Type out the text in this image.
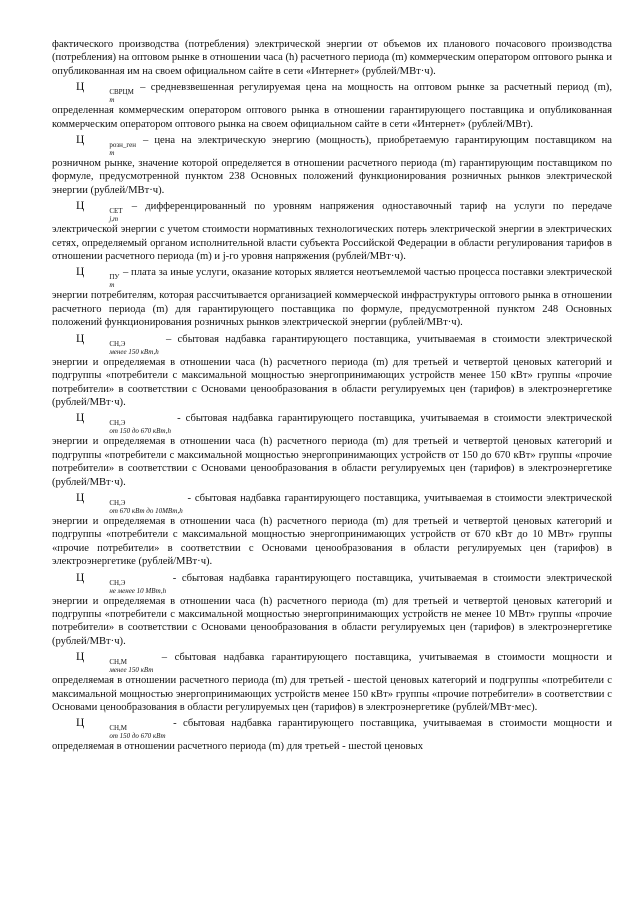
фактического производства (потребления) электрической энергии от объемов их планового почасового производства (потребления) на оптовом рынке в отношении часа (h) расчетного периода (m) коммерческим оператором оптового рынка и опубликованная им на своем официальном сайте в сети «Интернет» (рублей/МВт·ч).

Ц	СВРЦМ
m
– средневзвешенная регулируемая цена на мощность на оптовом рынке за расчетный период (m), определенная коммерческим оператором оптового рынка в отношении гарантирующего поставщика и опубликованная коммерческим оператором оптового рынка на своем официальном сайте в сети «Интернет» (рублей/МВт).

Ц	розн_ген
m
– цена на электрическую энергию (мощность), приобретаемую гарантирующим поставщиком на розничном рынке, значение которой определяется в отношении расчетного периода (m) гарантирующим поставщиком по формуле, предусмотренной пунктом 238 Основных положений функционирования розничных рынков электрической энергии (рублей/МВт·ч).

Ц	СЕТ
j,m
– дифференцированный по уровням напряжения одноставочный тариф на услуги по передаче электрической энергии с учетом стоимости нормативных технологических потерь электрической энергии в электрических сетях, определяемый органом исполнительной власти субъекта Российской Федерации в области регулирования тарифов в отношении расчетного периода (m) и j-го уровня напряжения (рублей/МВт·ч).

Ц	ПУ
m
– плата за иные услуги, оказание которых является неотъемлемой частью процесса поставки электрической энергии потребителям, которая рассчитывается организацией коммерческой инфраструктуры оптового рынка в отношении расчетного периода (m) для гарантирующего поставщика по формуле, предусмотренной пунктом 248 Основных положений функционирования розничных рынков электрической энергии (рублей/МВт·ч).

Ц	СН,Э
менее 150 кВт,h
– сбытовая надбавка гарантирующего поставщика, учитываемая в стоимости электрической энергии и определяемая в отношении часа (h) расчетного периода (m) для третьей и четвертой ценовых категорий и подгруппы «потребители с максимальной мощностью энергопринимающих устройств менее 150 кВт» группы «прочие потребители» в соответствии с Основами ценообразования в области регулируемых цен (тарифов) в электроэнергетике (рублей/МВт·ч).

Ц	СН,Э
от 150 до 670 кВт,h
- сбытовая надбавка гарантирующего поставщика, учитываемая в стоимости электрической энергии и определяемая в отношении часа (h) расчетного периода (m) для третьей и четвертой ценовых категорий и подгруппы «потребители с максимальной мощностью энергопринимающих устройств от 150 до 670 кВт» группы «прочие потребители» в соответствии с Основами ценообразования в области регулируемых цен (тарифов) в электроэнергетике (рублей/МВт·ч).

Ц	СН,Э
от 670 кВт до 10МВт,h
- сбытовая надбавка гарантирующего поставщика, учитываемая в стоимости электрической энергии и определяемая в отношении часа (h) расчетного периода (m) для третьей и четвертой ценовых категорий и подгруппы «потребители с максимальной мощностью энергопринимающих устройств от 670 кВт до 10 МВт» группы «прочие потребители» в соответствии с Основами ценообразования в области регулируемых цен (тарифов) в электроэнергетике (рублей/МВт·ч).

Ц	СН,Э
не менее 10 МВт,h
- сбытовая надбавка гарантирующего поставщика, учитываемая в стоимости электрической энергии и определяемая в отношении часа (h) расчетного периода (m) для третьей и четвертой ценовых категорий и подгруппы «потребители с максимальной мощностью энергопринимающих устройств не менее 10 МВт» группы «прочие потребители» в соответствии с Основами ценообразования в области регулируемых цен (тарифов) в электроэнергетике (рублей/МВт·ч).

Ц	СН,М
менее 150 кВт
– сбытовая надбавка гарантирующего поставщика, учитываемая в стоимости мощности и определяемая в отношении расчетного периода (m) для третьей - шестой ценовых категорий и подгруппы «потребители с максимальной мощностью энергопринимающих устройств менее 150 кВт» группы «прочие потребители» в соответствии с Основами ценообразования в области регулируемых цен (тарифов) в электроэнергетике (рублей/МВт·мес).

Ц	СН,М
от 150 до 670 кВт
- сбытовая надбавка гарантирующего поставщика, учитываемая в стоимости мощности и определяемая в отношении расчетного периода (m) для третьей - шестой ценовых
